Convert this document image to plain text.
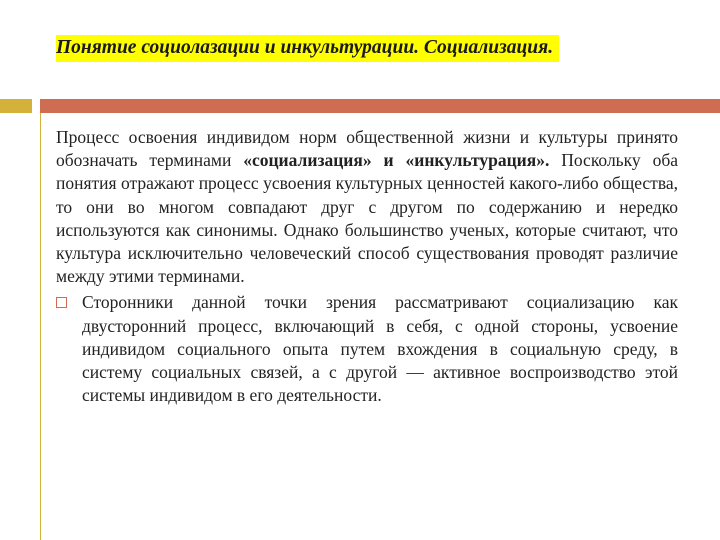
Понятие социолазации и инкультурации. Социализация.

Процесс освоения индивидом норм общественной жизни и культуры принято обозначать терминами «социализация» и «инкультурация». Поскольку оба понятия отражают процесс усвоения культурных ценностей какого-либо общества, то они во многом совпадают друг с другом по содержанию и нередко используются как синонимы. Однако большинство ученых, которые считают, что культура исключительно человеческий способ существования проводят различие между этими терминами.

Сторонники данной точки зрения рассматривают социализацию как двусторонний процесс, включающий в себя, с одной стороны, усвоение индивидом социального опыта путем вхождения в социальную среду, в систему социальных связей, а с другой — активное воспроизводство этой системы индивидом в его деятельности.
